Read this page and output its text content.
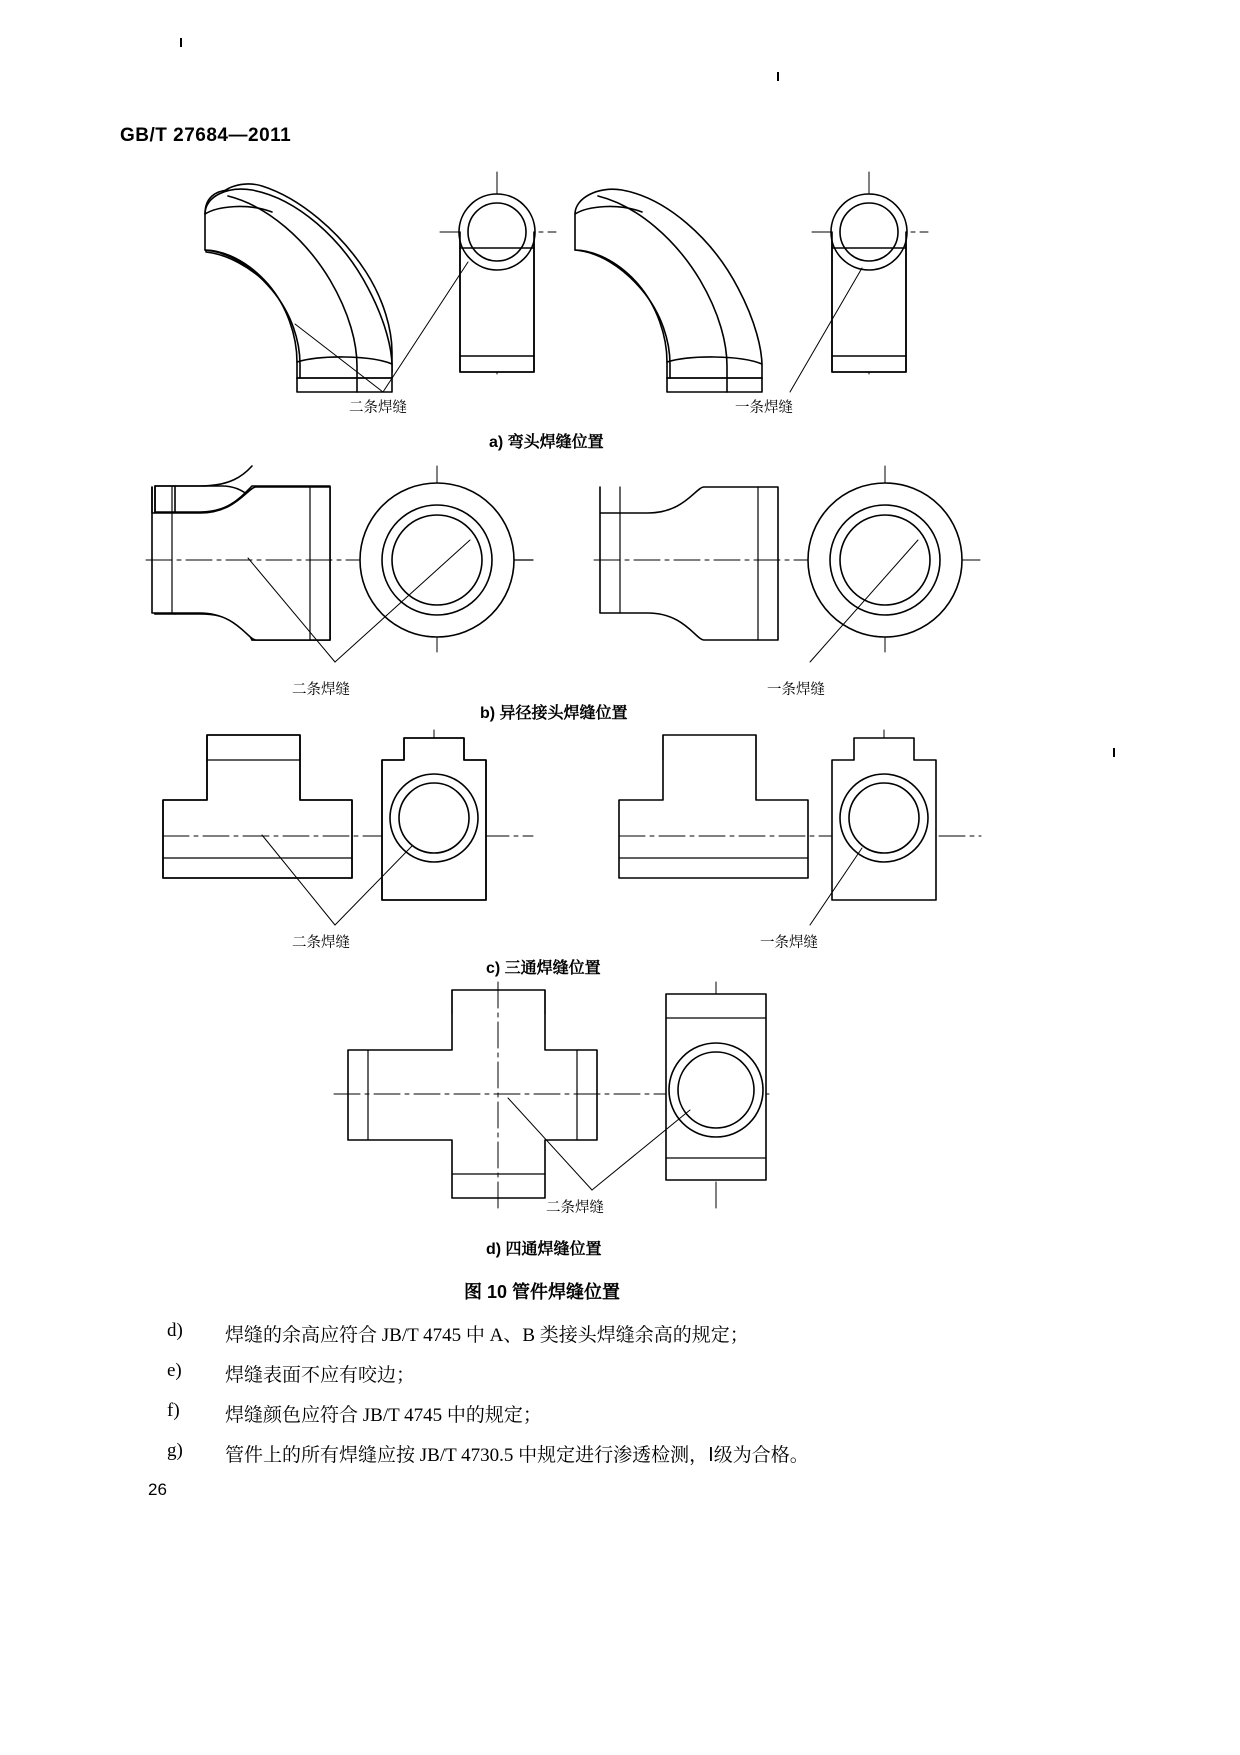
GB/T 27684—2011
二条焊缝	一条焊缝
a) 弯头焊缝位置
二条焊缝	一条焊缝
b) 异径接头焊缝位置
二条焊缝	一条焊缝
c) 三通焊缝位置
二条焊缝
d) 四通焊缝位置
图 10 管件焊缝位置
d) 焊缝的余高应符合 JB/T 4745 中 A、B 类接头焊缝余高的规定；
e) 焊缝表面不应有咬边；
f) 焊缝颜色应符合 JB/T 4745 中的规定；
g) 管件上的所有焊缝应按 JB/T 4730.5 中规定进行渗透检测，Ⅰ级为合格。
26
